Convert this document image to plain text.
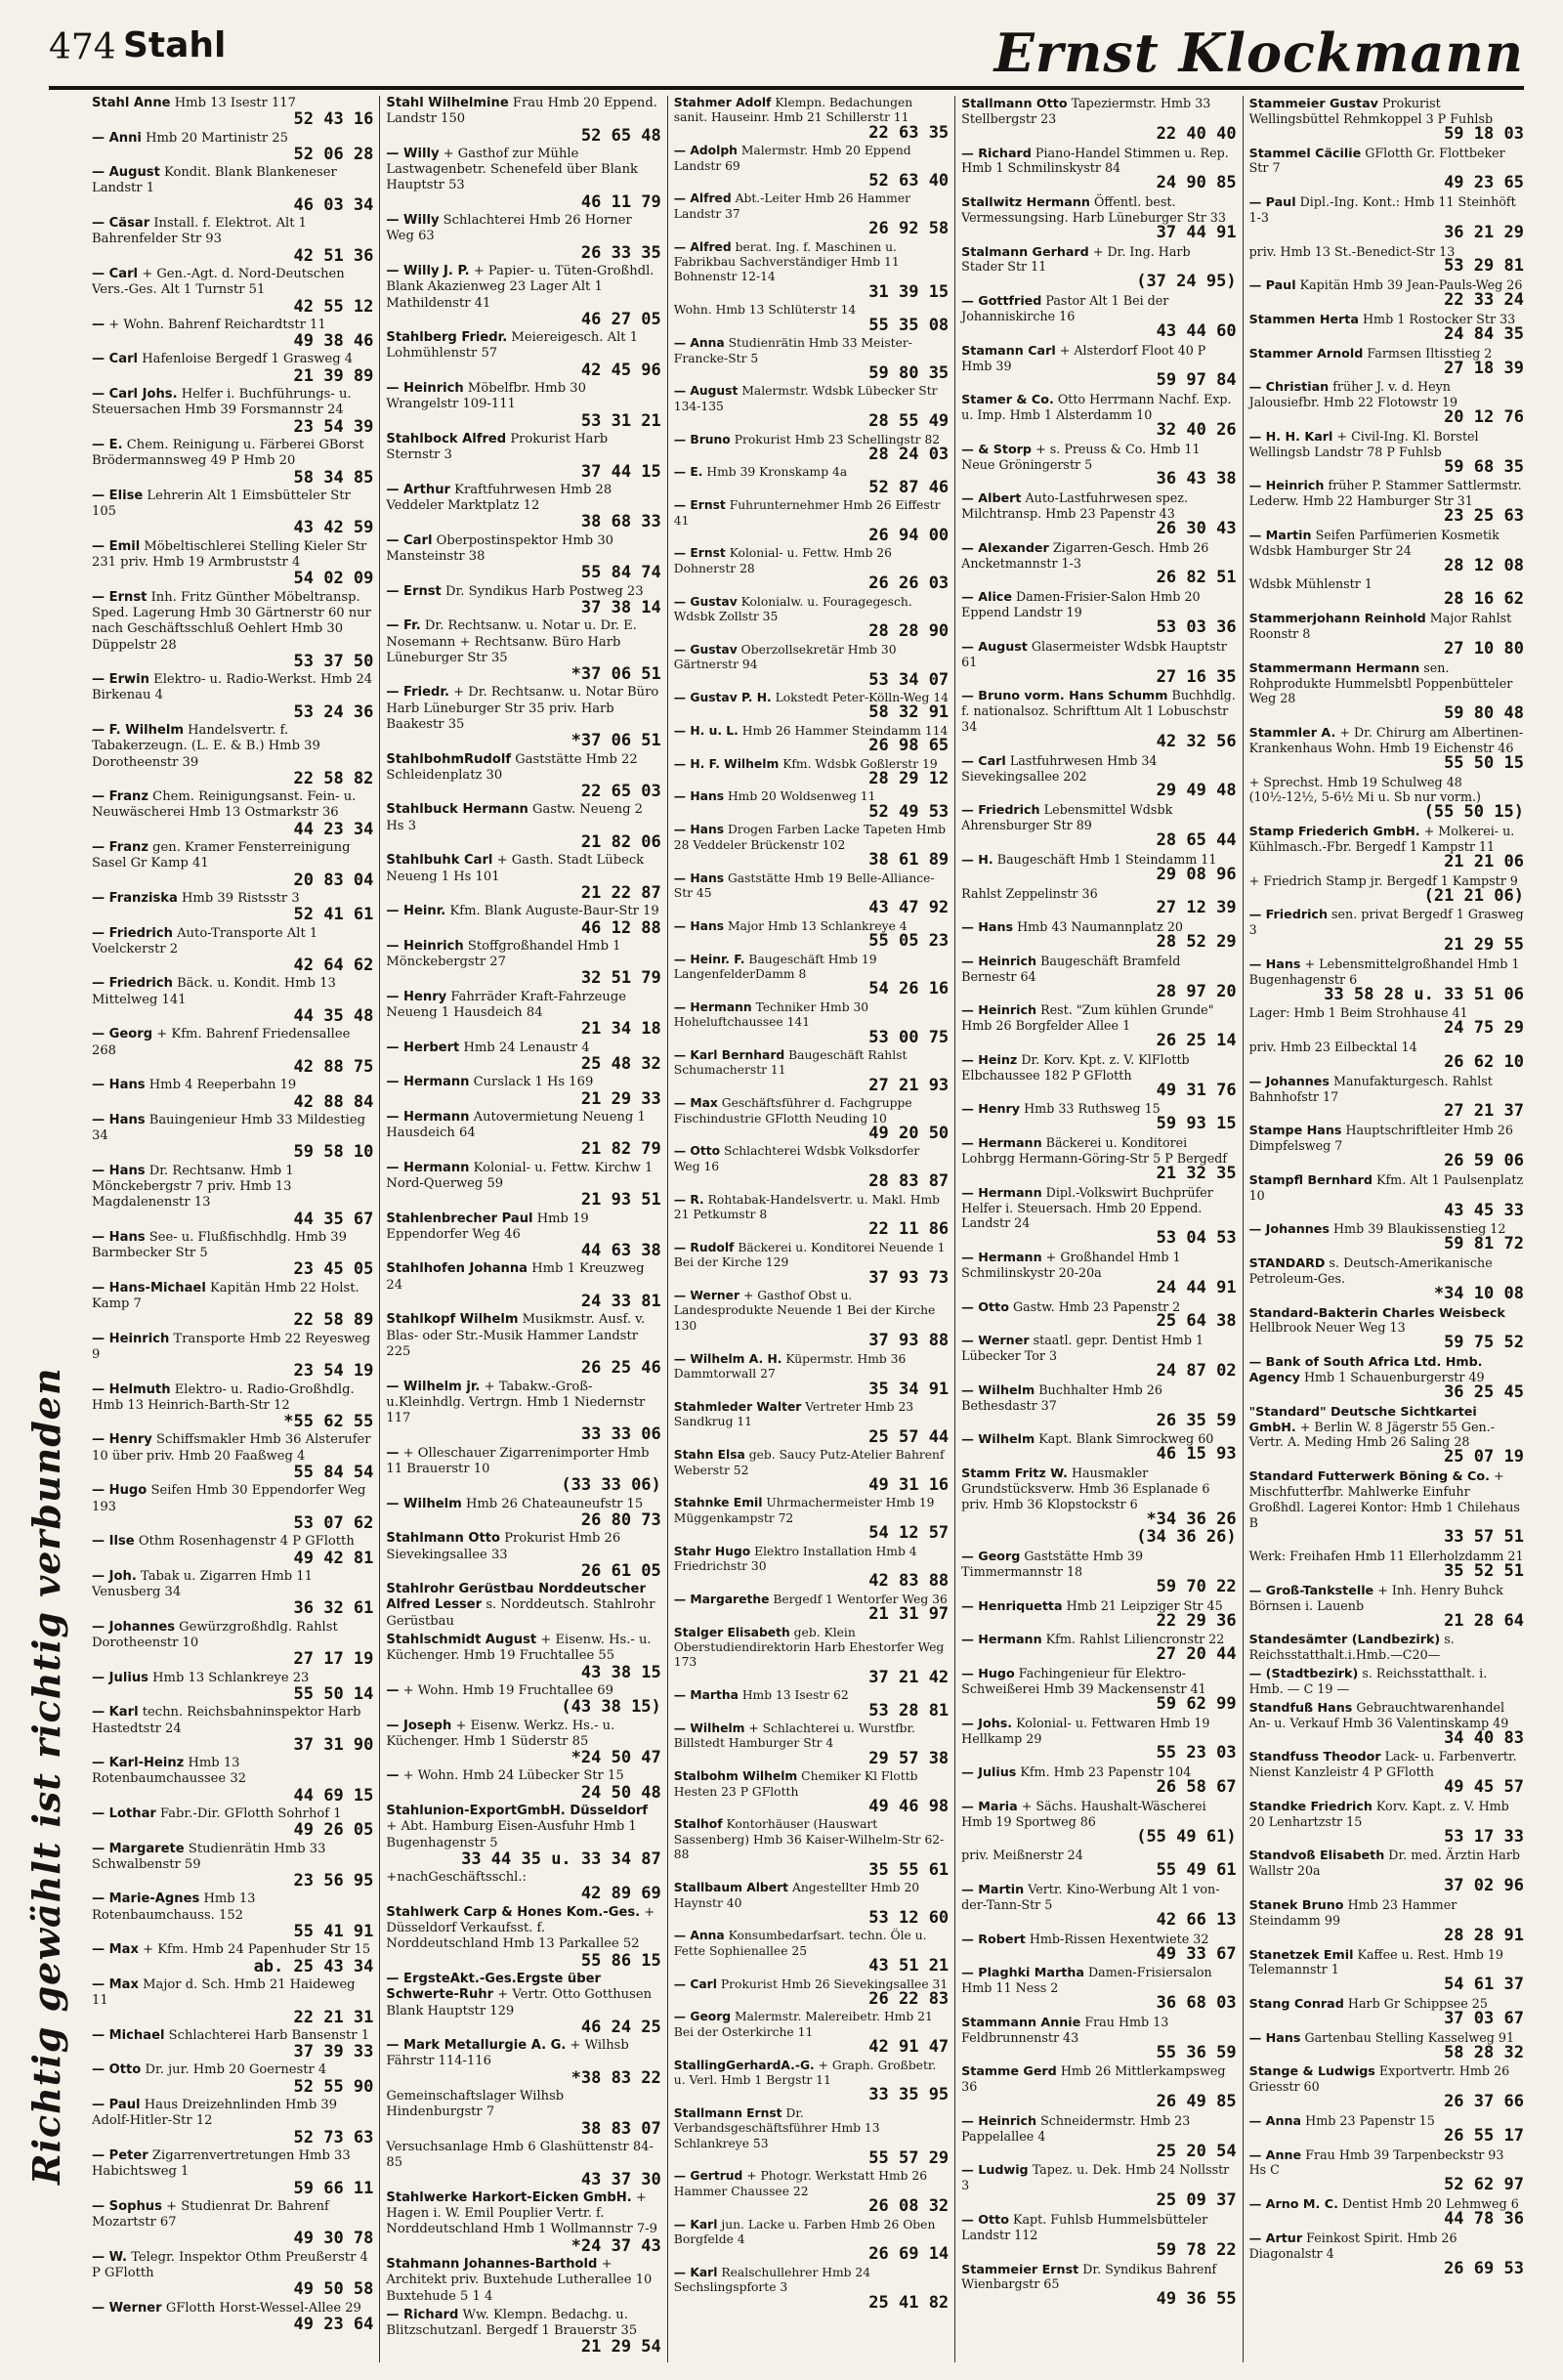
474 Stahl	Ernst Klockmann
Richtig gewählt ist richtig verbunden
Stahl Anne Hmb 13 Isestr 117
52 43 16
— Anni Hmb 20 Martinistr 25
52 06 28
— August Kondit. Blank Blankeneser Landstr 1
46 03 34
— Cäsar Install. f. Elektrot. Alt 1 Bahrenfelder Str 93
42 51 36
— Carl + Gen.-Agt. d. Nord-Deutschen Vers.-Ges. Alt 1 Turnstr 51
42 55 12
— + Wohn. Bahrenf Reichardtstr 11
49 38 46
— Carl Hafenloise Bergedf 1 Grasweg 4
21 39 89
— Carl Johs. Helfer i. Buchführungs- u. Steuersachen Hmb 39 Forsmannstr 24
23 54 39
— E. Chem. Reinigung u. Färberei GBorst Brödermannsweg 49 P Hmb 20
58 34 85
— Elise Lehrerin Alt 1 Eimsbütteler Str 105
43 42 59
— Emil Möbeltischlerei Stelling Kieler Str 231 priv. Hmb 19 Armbruststr 4
54 02 09
— Ernst Inh. Fritz Günther Möbeltransp. Sped. Lagerung Hmb 30 Gärtnerstr 60 nur nach Geschäftsschluß Oehlert Hmb 30 Düppelstr 28
53 37 50
— Erwin Elektro- u. Radio-Werkst. Hmb 24 Birkenau 4
53 24 36
— F. Wilhelm Handelsvertr. f. Tabakerzeugn. (L. E. & B.) Hmb 39 Dorotheenstr 39
22 58 82
— Franz Chem. Reinigungsanst. Fein- u. Neuwäscherei Hmb 13 Ostmarkstr 36
44 23 34
— Franz gen. Kramer Fensterreinigung Sasel Gr Kamp 41
20 83 04
— Franziska Hmb 39 Ristsstr 3
52 41 61
— Friedrich Auto-Transporte Alt 1 Voelckerstr 2
42 64 62
— Friedrich Bäck. u. Kondit. Hmb 13 Mittelweg 141
44 35 48
— Georg + Kfm. Bahrenf Friedensallee 268
42 88 75
— Hans Hmb 4 Reeperbahn 19
42 88 84
— Hans Bauingenieur Hmb 33 Mildestieg 34
59 58 10
— Hans Dr. Rechtsanw. Hmb 1 Mönckebergstr 7 priv. Hmb 13 Magdalenenstr 13
44 35 67
— Hans See- u. Flußfischhdlg. Hmb 39 Barmbecker Str 5
23 45 05
— Hans-Michael Kapitän Hmb 22 Holst. Kamp 7
22 58 89
— Heinrich Transporte Hmb 22 Reyesweg 9
23 54 19
— Helmuth Elektro- u. Radio-Großhdlg. Hmb 13 Heinrich-Barth-Str 12
*55 62 55
— Henry Schiffsmakler Hmb 36 Alsterufer 10 über priv. Hmb 20 Faaßweg 4
55 84 54
— Hugo Seifen Hmb 30 Eppendorfer Weg 193
53 07 62
— Ilse Othm Rosenhagenstr 4 P GFlotth
49 42 81
— Joh. Tabak u. Zigarren Hmb 11 Venusberg 34
36 32 61
— Johannes Gewürzgroßhdlg. Rahlst Dorotheenstr 10
27 17 19
— Julius Hmb 13 Schlankreye 23
55 50 14
— Karl techn. Reichsbahninspektor Harb Hastedtstr 24
37 31 90
— Karl-Heinz Hmb 13 Rotenbaumchaussee 32
44 69 15
— Lothar Fabr.-Dir. GFlotth Sohrhof 1
49 26 05
— Margarete Studienrätin Hmb 33 Schwalbenstr 59
23 56 95
— Marie-Agnes Hmb 13 Rotenbaumchauss. 152
55 41 91
— Max + Kfm. Hmb 24 Papenhuder Str 15
ab. 25 43 34
— Max Major d. Sch. Hmb 21 Haideweg 11
22 21 31
— Michael Schlachterei Harb Bansenstr 1
37 39 33
— Otto Dr. jur. Hmb 20 Goernestr 4
52 55 90
— Paul Haus Dreizehnlinden Hmb 39 Adolf-Hitler-Str 12
52 73 63
— Peter Zigarrenvertretungen Hmb 33 Habichtsweg 1
59 66 11
— Sophus + Studienrat Dr. Bahrenf Mozartstr 67
49 30 78
— W. Telegr. Inspektor Othm Preußerstr 4 P GFlotth
49 50 58
— Werner GFlotth Horst-Wessel-Allee 29
49 23 64
Stahl Wilhelmine Frau Hmb 20 Eppend. Landstr 150
52 65 48
— Willy + Gasthof zur Mühle Lastwagenbetr. Schenefeld über Blank Hauptstr 53
46 11 79
— Willy Schlachterei Hmb 26 Horner Weg 63
26 33 35
— Willy J. P. + Papier- u. Tüten-Großhdl. Blank Akazienweg 23 Lager Alt 1 Mathildenstr 41
46 27 05
Stahlberg Friedr. Meiereigesch. Alt 1 Lohmühlenstr 57
42 45 96
— Heinrich Möbelfbr. Hmb 30 Wrangelstr 109-111
53 31 21
Stahlbock Alfred Prokurist Harb Sternstr 3
37 44 15
— Arthur Kraftfuhrwesen Hmb 28 Veddeler Marktplatz 12
38 68 33
— Carl Oberpostinspektor Hmb 30 Mansteinstr 38
55 84 74
— Ernst Dr. Syndikus Harb Postweg 23
37 38 14
— Fr. Dr. Rechtsanw. u. Notar u. Dr. E. Nosemann + Rechtsanw. Büro Harb Lüneburger Str 35
*37 06 51
— Friedr. + Dr. Rechtsanw. u. Notar Büro Harb Lüneburger Str 35 priv. Harb Baakestr 35
*37 06 51
StahlbohmRudolf Gaststätte Hmb 22 Schleidenplatz 30
22 65 03
Stahlbuck Hermann Gastw. Neueng 2 Hs 3
21 82 06
Stahlbuhk Carl + Gasth. Stadt Lübeck Neueng 1 Hs 101
21 22 87
— Heinr. Kfm. Blank Auguste-Baur-Str 19
46 12 88
— Heinrich Stoffgroßhandel Hmb 1 Mönckebergstr 27
32 51 79
— Henry Fahrräder Kraft-Fahrzeuge Neueng 1 Hausdeich 84
21 34 18
— Herbert Hmb 24 Lenaustr 4
25 48 32
— Hermann Curslack 1 Hs 169
21 29 33
— Hermann Autovermietung Neueng 1 Hausdeich 64
21 82 79
— Hermann Kolonial- u. Fettw. Kirchw 1 Nord-Querweg 59
21 93 51
Stahlenbrecher Paul Hmb 19 Eppendorfer Weg 46
44 63 38
Stahlhofen Johanna Hmb 1 Kreuzweg 24
24 33 81
Stahlkopf Wilhelm Musikmstr. Ausf. v. Blas- oder Str.-Musik Hammer Landstr 225
26 25 46
— Wilhelm jr. + Tabakw.-Groß-u.Kleinhdlg. Vertrgn. Hmb 1 Niedernstr 117
33 33 06
— + Olleschauer Zigarrenimporter Hmb 11 Brauerstr 10
(33 33 06)
— Wilhelm Hmb 26 Chateauneufstr 15
26 80 73
Stahlmann Otto Prokurist Hmb 26 Sievekingsallee 33
26 61 05
Stahlrohr Gerüstbau Norddeutscher Alfred Lesser s. Norddeutsch. Stahlrohr Gerüstbau
Stahlschmidt August + Eisenw. Hs.- u. Küchenger. Hmb 19 Fruchtallee 55
43 38 15
— + Wohn. Hmb 19 Fruchtallee 69
(43 38 15)
— Joseph + Eisenw. Werkz. Hs.- u. Küchenger. Hmb 1 Süderstr 85
*24 50 47
— + Wohn. Hmb 24 Lübecker Str 15
24 50 48
Stahlunion-ExportGmbH. Düsseldorf + Abt. Hamburg Eisen-Ausfuhr Hmb 1 Bugenhagenstr 5
33 44 35 u. 33 34 87
+nachGeschäftsschl.:
42 89 69
Stahlwerk Carp & Hones Kom.-Ges. + Düsseldorf Verkaufsst. f. Norddeutschland Hmb 13 Parkallee 52
55 86 15
— ErgsteAkt.-Ges.Ergste über Schwerte-Ruhr + Vertr. Otto Gotthusen Blank Hauptstr 129
46 24 25
— Mark Metallurgie A. G. + Wilhsb Fährstr 114-116
*38 83 22
Gemeinschaftslager Wilhsb Hindenburgstr 7
38 83 07
Versuchsanlage Hmb 6 Glashüttenstr 84-85
43 37 30
Stahlwerke Harkort-Eicken GmbH. + Hagen i. W. Emil Pouplier Vertr. f. Norddeutschland Hmb 1 Wollmannstr 7-9
*24 37 43
Stahmann Johannes-Barthold + Architekt priv. Buxtehude Lutherallee 10 Buxtehude 5 1 4
— Richard Ww. Klempn. Bedachg. u. Blitzschutzanl. Bergedf 1 Brauerstr 35
21 29 54
Stahmer Adolf Klempn. Bedachungen sanit. Hauseinr. Hmb 21 Schillerstr 11
22 63 35
— Adolph Malermstr. Hmb 20 Eppend Landstr 69
52 63 40
— Alfred Abt.-Leiter Hmb 26 Hammer Landstr 37
26 92 58
— Alfred berat. Ing. f. Maschinen u. Fabrikbau Sachverständiger Hmb 11 Bohnenstr 12-14
31 39 15
Wohn. Hmb 13 Schlüterstr 14
55 35 08
— Anna Studienrätin Hmb 33 Meister-Francke-Str 5
59 80 35
— August Malermstr. Wdsbk Lübecker Str 134-135
28 55 49
— Bruno Prokurist Hmb 23 Schellingstr 82
28 24 03
— E. Hmb 39 Kronskamp 4a
52 87 46
— Ernst Fuhrunternehmer Hmb 26 Eiffestr 41
26 94 00
— Ernst Kolonial- u. Fettw. Hmb 26 Dohnerstr 28
26 26 03
— Gustav Kolonialw. u. Fouragegesch. Wdsbk Zollstr 35
28 28 90
— Gustav Oberzollsekretär Hmb 30 Gärtnerstr 94
53 34 07
— Gustav P. H. Lokstedt Peter-Kölln-Weg 14
58 32 91
— H. u. L. Hmb 26 Hammer Steindamm 114
26 98 65
— H. F. Wilhelm Kfm. Wdsbk Goßlerstr 19
28 29 12
— Hans Hmb 20 Woldsenweg 11
52 49 53
— Hans Drogen Farben Lacke Tapeten Hmb 28 Veddeler Brückenstr 102
38 61 89
— Hans Gaststätte Hmb 19 Belle-Alliance-Str 45
43 47 92
— Hans Major Hmb 13 Schlankreye 4
55 05 23
— Heinr. F. Baugeschäft Hmb 19 LangenfelderDamm 8
54 26 16
— Hermann Techniker Hmb 30 Hoheluftchaussee 141
53 00 75
— Karl Bernhard Baugeschäft Rahlst Schumacherstr 11
27 21 93
— Max Geschäftsführer d. Fachgruppe Fischindustrie GFlotth Neuding 10
49 20 50
— Otto Schlachterei Wdsbk Volksdorfer Weg 16
28 83 87
— R. Rohtabak-Handelsvertr. u. Makl. Hmb 21 Petkumstr 8
22 11 86
— Rudolf Bäckerei u. Konditorei Neuende 1 Bei der Kirche 129
37 93 73
— Werner + Gasthof Obst u. Landesprodukte Neuende 1 Bei der Kirche 130
37 93 88
— Wilhelm A. H. Küpermstr. Hmb 36 Dammtorwall 27
35 34 91
Stahmleder Walter Vertreter Hmb 23 Sandkrug 11
25 57 44
Stahn Elsa geb. Saucy Putz-Atelier Bahrenf Weberstr 52
49 31 16
Stahnke Emil Uhrmachermeister Hmb 19 Müggenkampstr 72
54 12 57
Stahr Hugo Elektro Installation Hmb 4 Friedrichstr 30
42 83 88
— Margarethe Bergedf 1 Wentorfer Weg 36
21 31 97
Stalger Elisabeth geb. Klein Oberstudiendirektorin Harb Ehestorfer Weg 173
37 21 42
— Martha Hmb 13 Isestr 62
53 28 81
— Wilhelm + Schlachterei u. Wurstfbr. Billstedt Hamburger Str 4
29 57 38
Stalbohm Wilhelm Chemiker Kl Flottb Hesten 23 P GFlotth
49 46 98
Stalhof Kontorhäuser (Hauswart Sassenberg) Hmb 36 Kaiser-Wilhelm-Str 62-88
35 55 61
Stallbaum Albert Angestellter Hmb 20 Haynstr 40
53 12 60
— Anna Konsumbedarfsart. techn. Öle u. Fette Sophienallee 25
43 51 21
— Carl Prokurist Hmb 26 Sievekingsallee 31
26 22 83
— Georg Malermstr. Malereibetr. Hmb 21 Bei der Osterkirche 11
42 91 47
StallingGerhardA.-G. + Graph. Großbetr. u. Verl. Hmb 1 Bergstr 11
33 35 95
Stallmann Ernst Dr. Verbandsgeschäftsführer Hmb 13 Schlankreye 53
55 57 29
— Gertrud + Photogr. Werkstatt Hmb 26 Hammer Chaussee 22
26 08 32
— Karl jun. Lacke u. Farben Hmb 26 Oben Borgfelde 4
26 69 14
— Karl Realschullehrer Hmb 24 Sechslingspforte 3
25 41 82
Stallmann Otto Tapeziermstr. Hmb 33 Stellbergstr 23
22 40 40
— Richard Piano-Handel Stimmen u. Rep. Hmb 1 Schmilinskystr 84
24 90 85
Stallwitz Hermann Öffentl. best. Vermessungsing. Harb Lüneburger Str 33
37 44 91
Stalmann Gerhard + Dr. Ing. Harb Stader Str 11
(37 24 95)
— Gottfried Pastor Alt 1 Bei der Johanniskirche 16
43 44 60
Stamann Carl + Alsterdorf Floot 40 P Hmb 39
59 97 84
Stamer & Co. Otto Herrmann Nachf. Exp. u. Imp. Hmb 1 Alsterdamm 10
32 40 26
— & Storp + s. Preuss & Co. Hmb 11 Neue Gröningerstr 5
36 43 38
— Albert Auto-Lastfuhrwesen spez. Milchtransp. Hmb 23 Papenstr 43
26 30 43
— Alexander Zigarren-Gesch. Hmb 26 Ancketmannstr 1-3
26 82 51
— Alice Damen-Frisier-Salon Hmb 20 Eppend Landstr 19
53 03 36
— August Glasermeister Wdsbk Hauptstr 61
27 16 35
— Bruno vorm. Hans Schumm Buchhdlg. f. nationalsoz. Schrifttum Alt 1 Lobuschstr 34
42 32 56
— Carl Lastfuhrwesen Hmb 34 Sievekingsallee 202
29 49 48
— Friedrich Lebensmittel Wdsbk Ahrensburger Str 89
28 65 44
— H. Baugeschäft Hmb 1 Steindamm 11
29 08 96
Rahlst Zeppelinstr 36
27 12 39
— Hans Hmb 43 Naumannplatz 20
28 52 29
— Heinrich Baugeschäft Bramfeld Bernestr 64
28 97 20
— Heinrich Rest. "Zum kühlen Grunde" Hmb 26 Borgfelder Allee 1
26 25 14
— Heinz Dr. Korv. Kpt. z. V. KlFlottb Elbchaussee 182 P GFlotth
49 31 76
— Henry Hmb 33 Ruthsweg 15
59 93 15
— Hermann Bäckerei u. Konditorei Lohbrgg Hermann-Göring-Str 5 P Bergedf
21 32 35
— Hermann Dipl.-Volkswirt Buchprüfer Helfer i. Steuersach. Hmb 20 Eppend. Landstr 24
53 04 53
— Hermann + Großhandel Hmb 1 Schmilinskystr 20-20a
24 44 91
— Otto Gastw. Hmb 23 Papenstr 2
25 64 38
— Werner staatl. gepr. Dentist Hmb 1 Lübecker Tor 3
24 87 02
— Wilhelm Buchhalter Hmb 26 Bethesdastr 37
26 35 59
— Wilhelm Kapt. Blank Simrockweg 60
46 15 93
Stamm Fritz W. Hausmakler Grundstücksverw. Hmb 36 Esplanade 6 priv. Hmb 36 Klopstockstr 6
*34 36 26
(34 36 26)
— Georg Gaststätte Hmb 39 Timmermannstr 18
59 70 22
— Henriquetta Hmb 21 Leipziger Str 45
22 29 36
— Hermann Kfm. Rahlst Liliencronstr 22
27 20 44
— Hugo Fachingenieur für Elektro-Schweißerei Hmb 39 Mackensenstr 41
59 62 99
— Johs. Kolonial- u. Fettwaren Hmb 19 Hellkamp 29
55 23 03
— Julius Kfm. Hmb 23 Papenstr 104
26 58 67
— Maria + Sächs. Haushalt-Wäscherei Hmb 19 Sportweg 86
(55 49 61)
priv. Meißnerstr 24
55 49 61
— Martin Vertr. Kino-Werbung Alt 1 von-der-Tann-Str 5
42 66 13
— Robert Hmb-Rissen Hexentwiete 32
49 33 67
— Plaghki Martha Damen-Frisiersalon Hmb 11 Ness 2
36 68 03
Stammann Annie Frau Hmb 13 Feldbrunnenstr 43
55 36 59
Stamme Gerd Hmb 26 Mittlerkampsweg 36
26 49 85
— Heinrich Schneidermstr. Hmb 23 Pappelallee 4
25 20 54
— Ludwig Tapez. u. Dek. Hmb 24 Nollsstr 3
25 09 37
— Otto Kapt. Fuhlsb Hummelsbütteler Landstr 112
59 78 22
Stammeier Ernst Dr. Syndikus Bahrenf Wienbargstr 65
49 36 55
Stammeier Gustav Prokurist Wellingsbüttel Rehmkoppel 3 P Fuhlsb
59 18 03
Stammel Cäcilie GFlotth Gr. Flottbeker Str 7
49 23 65
— Paul Dipl.-Ing. Kont.: Hmb 11 Steinhöft 1-3
36 21 29
priv. Hmb 13 St.-Benedict-Str 13
53 29 81
— Paul Kapitän Hmb 39 Jean-Pauls-Weg 26
22 33 24
Stammen Herta Hmb 1 Rostocker Str 33
24 84 35
Stammer Arnold Farmsen Iltisstieg 2
27 18 39
— Christian früher J. v. d. Heyn Jalousiefbr. Hmb 22 Flotowstr 19
20 12 76
— H. H. Karl + Civil-Ing. Kl. Borstel Wellingsb Landstr 78 P Fuhlsb
59 68 35
— Heinrich früher P. Stammer Sattlermstr. Lederw. Hmb 22 Hamburger Str 31
23 25 63
— Martin Seifen Parfümerien Kosmetik Wdsbk Hamburger Str 24
28 12 08
Wdsbk Mühlenstr 1
28 16 62
Stammerjohann Reinhold Major Rahlst Roonstr 8
27 10 80
Stammermann Hermann sen. Rohprodukte Hummelsbtl Poppenbütteler Weg 28
59 80 48
Stammler A. + Dr. Chirurg am Albertinen-Krankenhaus Wohn. Hmb 19 Eichenstr 46
55 50 15
+ Sprechst. Hmb 19 Schulweg 48 (10½-12½, 5-6½ Mi u. Sb nur vorm.)
(55 50 15)
Stamp Friederich GmbH. + Molkerei- u. Kühlmasch.-Fbr. Bergedf 1 Kampstr 11
21 21 06
+ Friedrich Stamp jr. Bergedf 1 Kampstr 9
(21 21 06)
— Friedrich sen. privat Bergedf 1 Grasweg 3
21 29 55
— Hans + Lebensmittelgroßhandel Hmb 1 Bugenhagenstr 6
33 58 28 u. 33 51 06
Lager: Hmb 1 Beim Strohhause 41
24 75 29
priv. Hmb 23 Eilbecktal 14
26 62 10
— Johannes Manufakturgesch. Rahlst Bahnhofstr 17
27 21 37
Stampe Hans Hauptschriftleiter Hmb 26 Dimpfelsweg 7
26 59 06
Stampfl Bernhard Kfm. Alt 1 Paulsenplatz 10
43 45 33
— Johannes Hmb 39 Blaukissenstieg 12
59 81 72
STANDARD s. Deutsch-Amerikanische Petroleum-Ges.
*34 10 08
Standard-Bakterin Charles Weisbeck Hellbrook Neuer Weg 13
59 75 52
— Bank of South Africa Ltd. Hmb. Agency Hmb 1 Schauenburgerstr 49
36 25 45
"Standard" Deutsche Sichtkartei GmbH. + Berlin W. 8 Jägerstr 55 Gen.-Vertr. A. Meding Hmb 26 Saling 28
25 07 19
Standard Futterwerk Böning & Co. + Mischfutterfbr. Mahlwerke Einfuhr Großhdl. Lagerei Kontor: Hmb 1 Chilehaus B
33 57 51
Werk: Freihafen Hmb 11 Ellerholzdamm 21
35 52 51
— Groß-Tankstelle + Inh. Henry Buhck Börnsen i. Lauenb
21 28 64
Standesämter (Landbezirk) s. Reichsstatthalt.i.Hmb.—C20—
— (Stadtbezirk) s. Reichsstatthalt. i. Hmb. — C 19 —
Standfuß Hans Gebrauchtwarenhandel An- u. Verkauf Hmb 36 Valentinskamp 49
34 40 83
Standfuss Theodor Lack- u. Farbenvertr. Nienst Kanzleistr 4 P GFlotth
49 45 57
Standke Friedrich Korv. Kapt. z. V. Hmb 20 Lenhartzstr 15
53 17 33
Standvoß Elisabeth Dr. med. Ärztin Harb Wallstr 20a
37 02 96
Stanek Bruno Hmb 23 Hammer Steindamm 99
28 28 91
Stanetzek Emil Kaffee u. Rest. Hmb 19 Telemannstr 1
54 61 37
Stang Conrad Harb Gr Schippsee 25
37 03 67
— Hans Gartenbau Stelling Kasselweg 91
58 28 32
Stange & Ludwigs Exportvertr. Hmb 26 Griesstr 60
26 37 66
— Anna Hmb 23 Papenstr 15
26 55 17
— Anne Frau Hmb 39 Tarpenbeckstr 93 Hs C
52 62 97
— Arno M. C. Dentist Hmb 20 Lehmweg 6
44 78 36
— Artur Feinkost Spirit. Hmb 26 Diagonalstr 4
26 69 53
